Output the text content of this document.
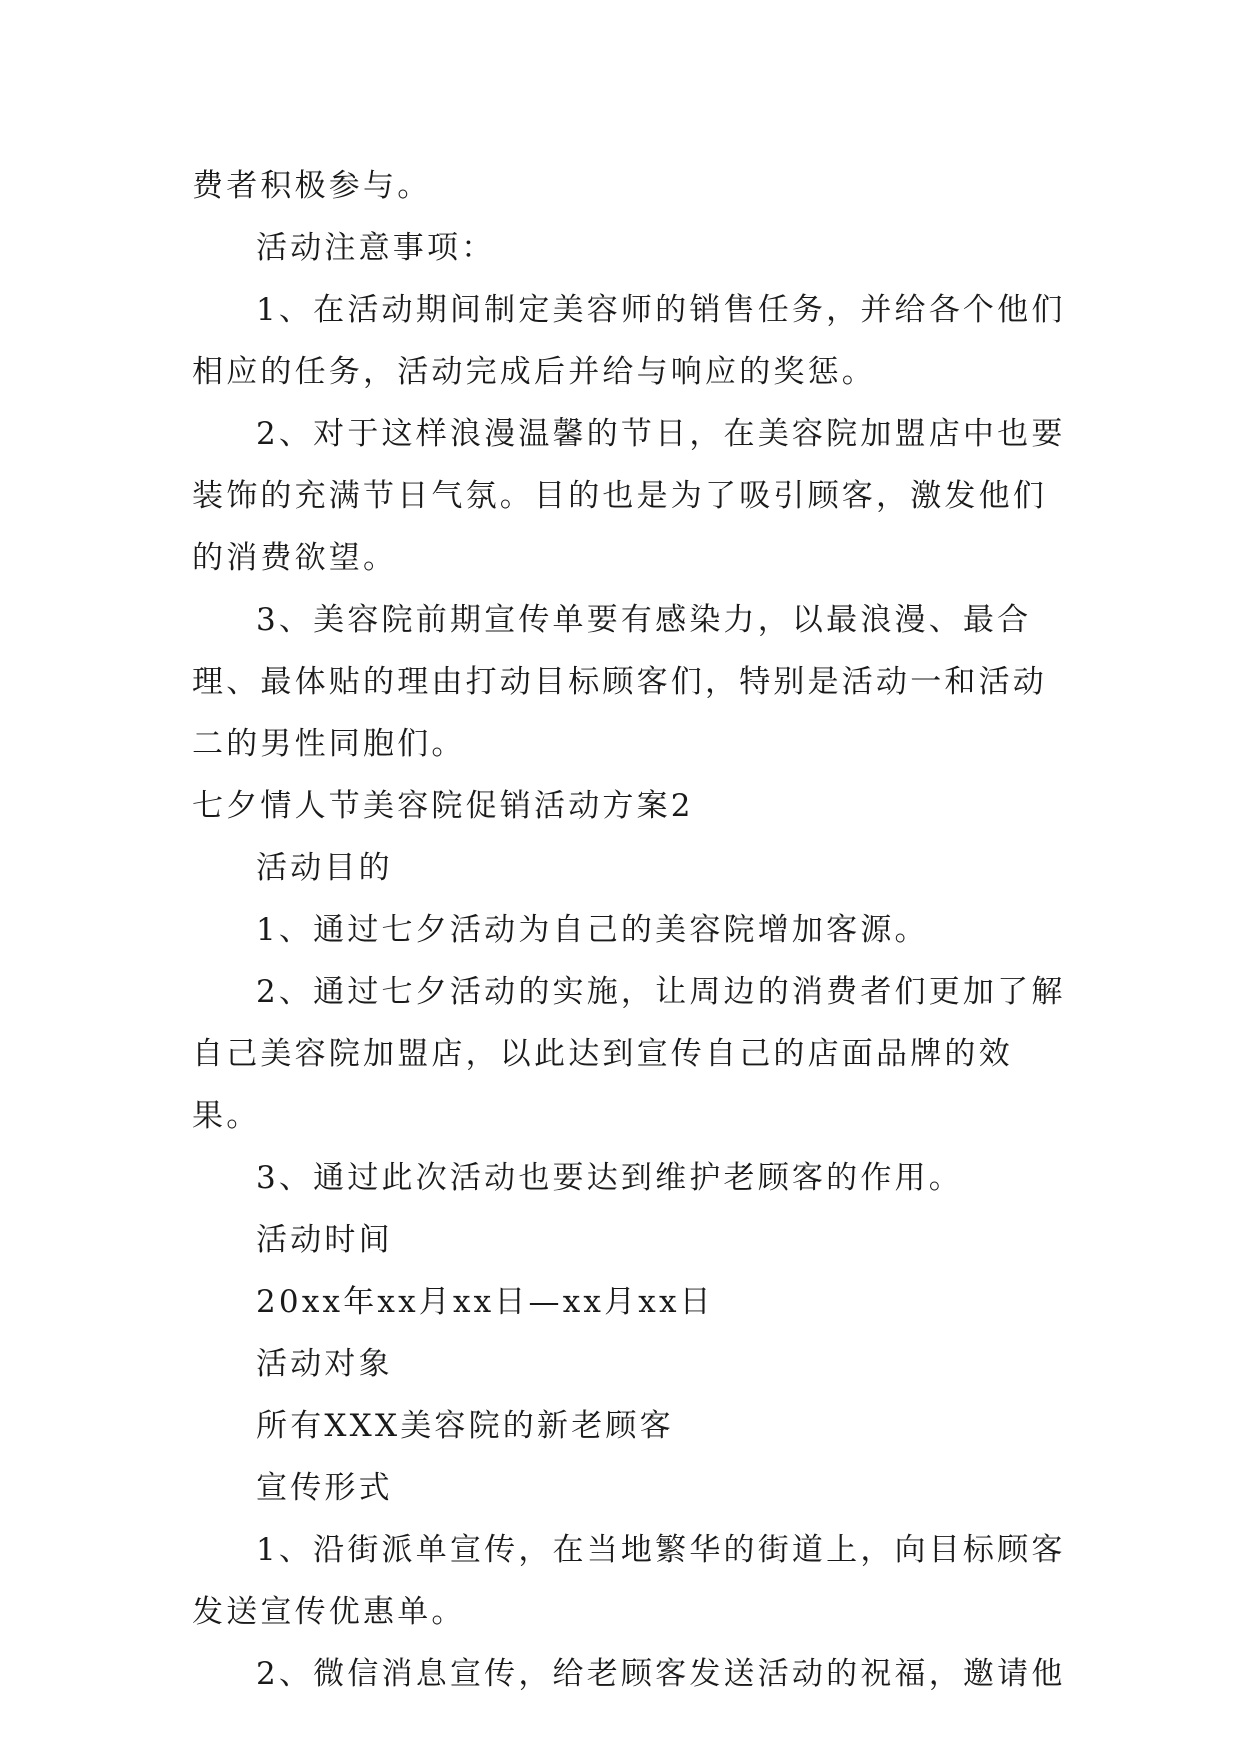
费者积极参与。

活动注意事项：

1、在活动期间制定美容师的销售任务，并给各个他们相应的任务，活动完成后并给与响应的奖惩。

2、对于这样浪漫温馨的节日，在美容院加盟店中也要装饰的充满节日气氛。目的也是为了吸引顾客，激发他们的消费欲望。

3、美容院前期宣传单要有感染力，以最浪漫、最合理、最体贴的理由打动目标顾客们，特别是活动一和活动二的男性同胞们。

七夕情人节美容院促销活动方案2

活动目的

1、通过七夕活动为自己的美容院增加客源。

2、通过七夕活动的实施，让周边的消费者们更加了解自己美容院加盟店，以此达到宣传自己的店面品牌的效果。

3、通过此次活动也要达到维护老顾客的作用。

活动时间

20xx年xx月xx日—xx月xx日

活动对象

所有XXX美容院的新老顾客

宣传形式

1、沿街派单宣传，在当地繁华的街道上，向目标顾客发送宣传优惠单。

2、微信消息宣传，给老顾客发送活动的祝福，邀请他
